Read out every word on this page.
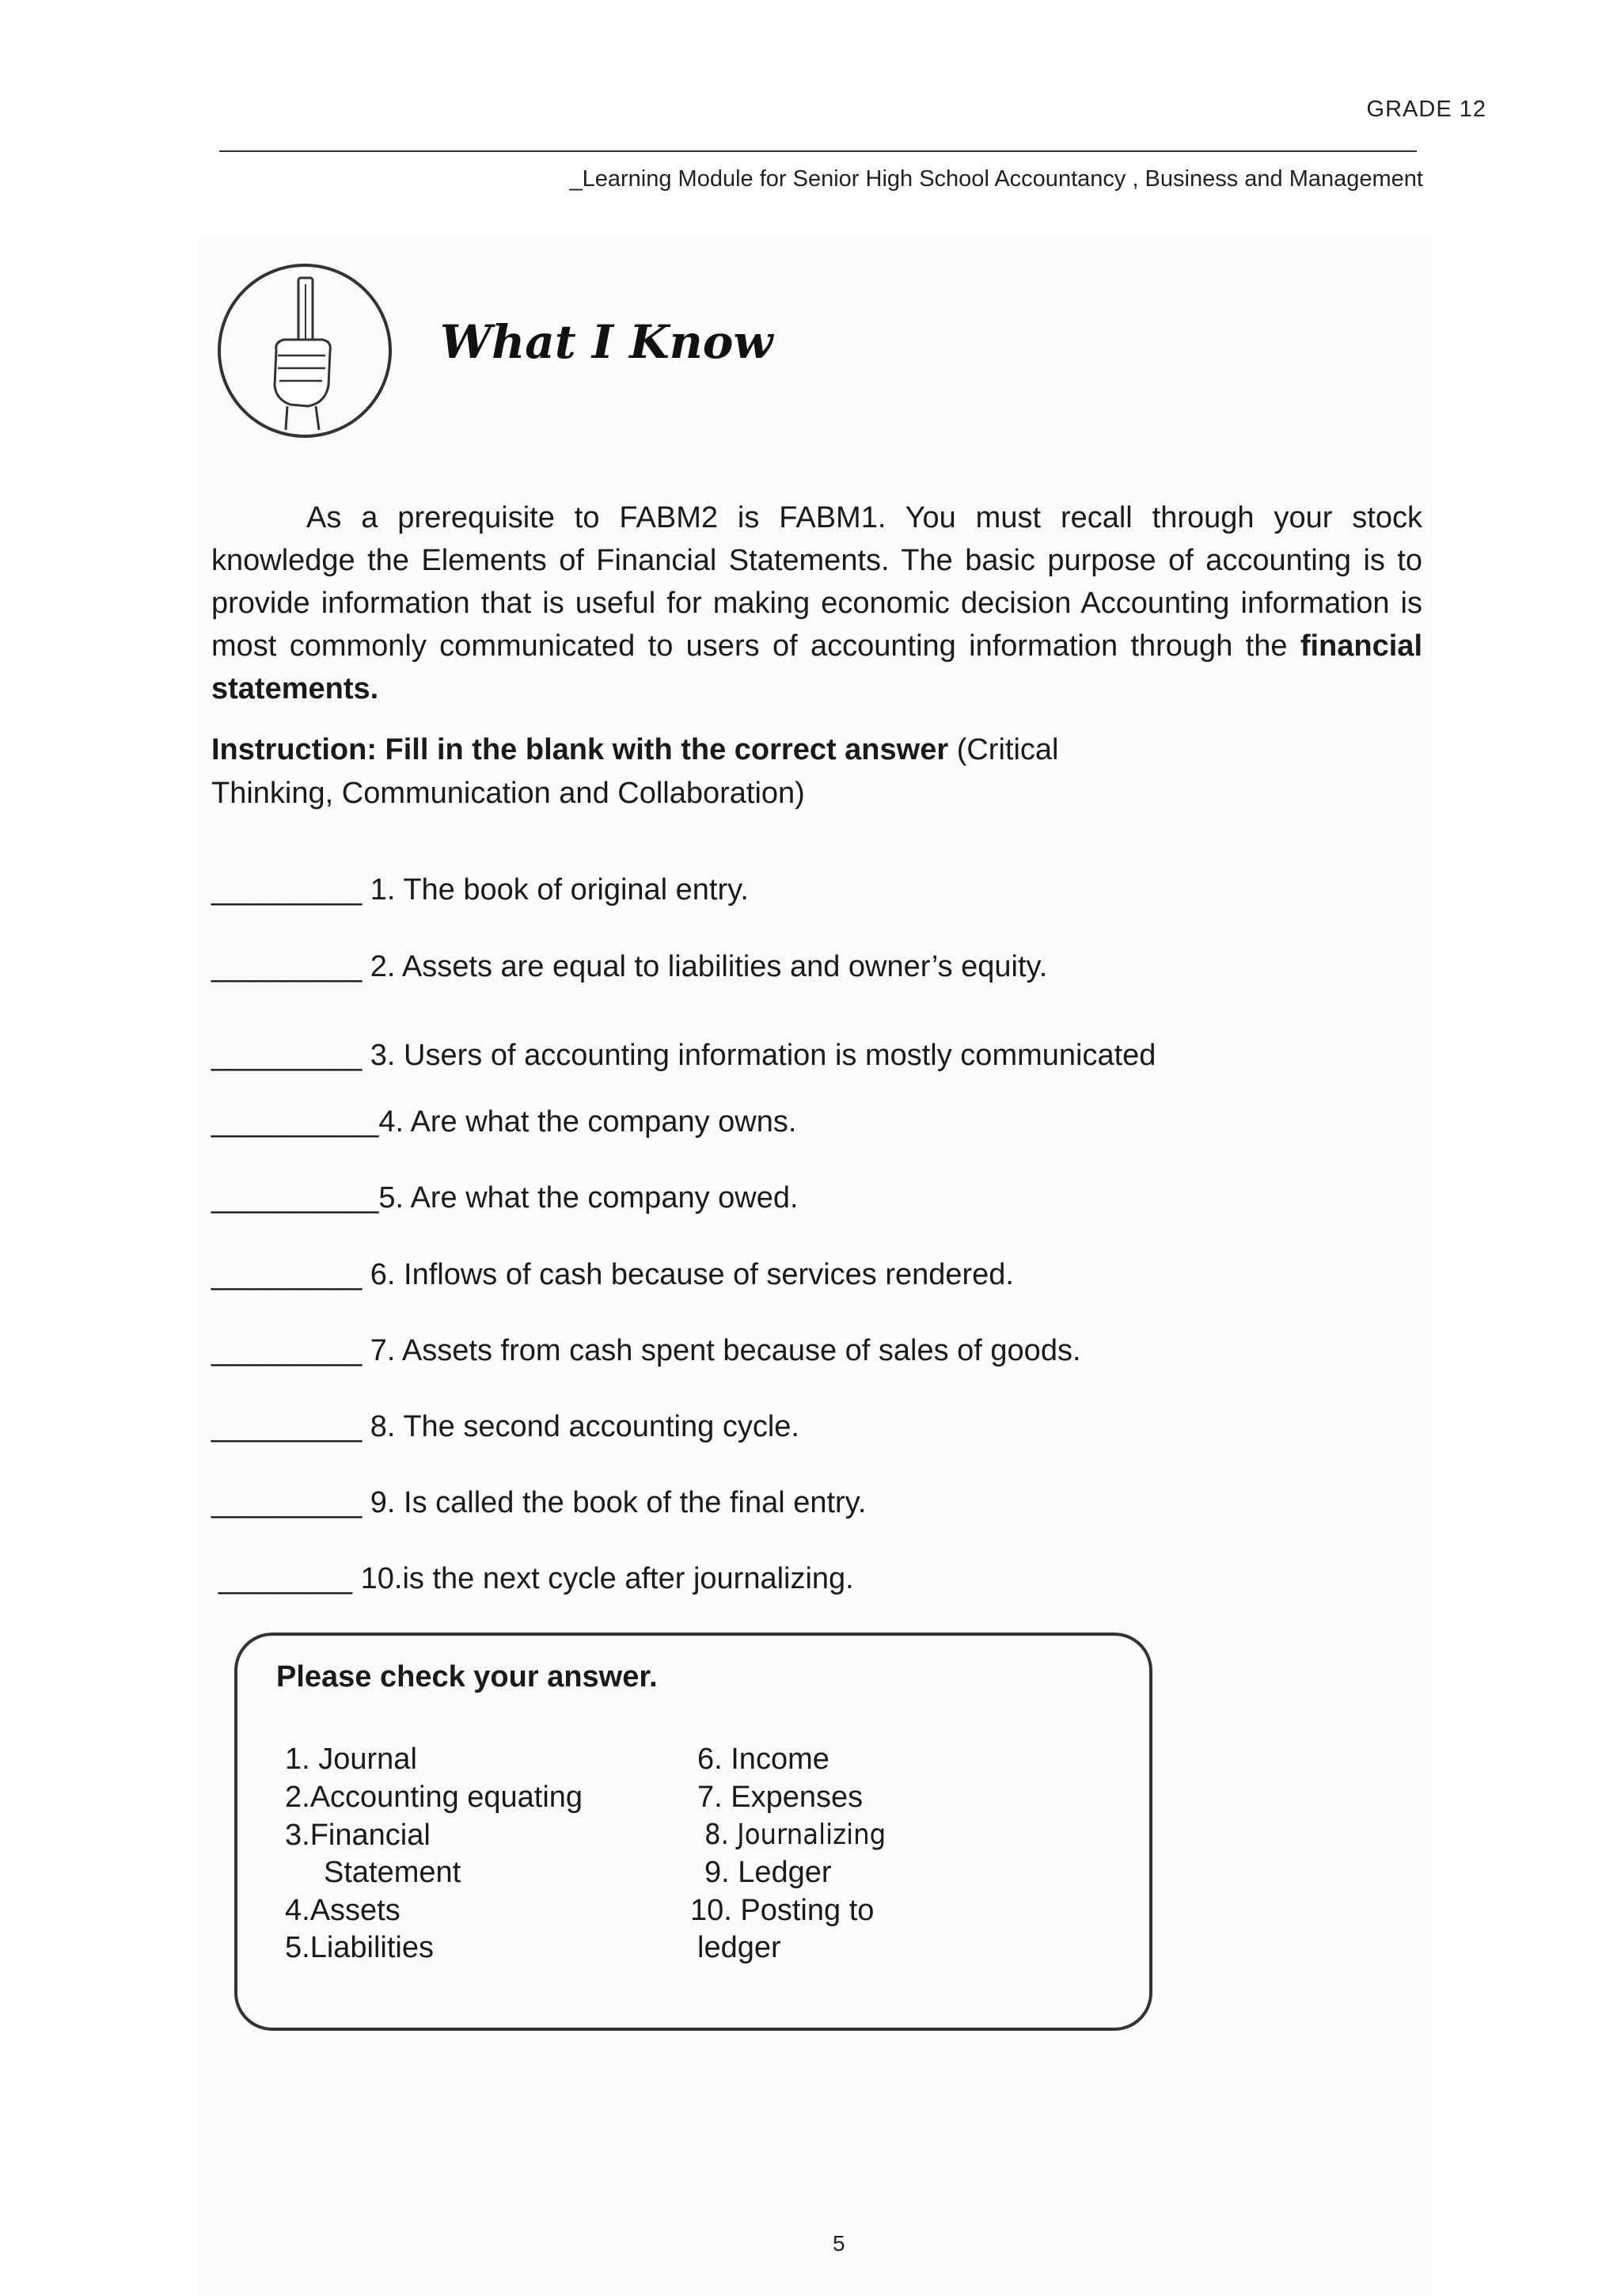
GRADE 12
_Learning Module for Senior High School Accountancy , Business and Management
What I Know

As a prerequisite to FABM2 is FABM1. You must recall through your stock knowledge the Elements of Financial Statements. The basic purpose of accounting is to provide information that is useful for making economic decision Accounting information is most commonly communicated to users of accounting information through the financial statements.

Instruction: Fill in the blank with the correct answer (Critical Thinking, Communication and Collaboration)

_________ 1. The book of original entry.
_________ 2. Assets are equal to liabilities and owner’s equity.
_________ 3. Users of accounting information is mostly communicated
__________4. Are what the company owns.
__________5. Are what the company owed.
_________ 6. Inflows of cash because of services rendered.
_________ 7. Assets from cash spent because of sales of goods.
_________ 8. The second accounting cycle.
_________ 9. Is called the book of the final entry.
________ 10.is the next cycle after journalizing.
Please check your answer.
1. Journal
2.Accounting equating
3.Financial
Statement
4.Assets
5.Liabilities
6. Income
7. Expenses
8. Journalizing
9. Ledger
10. Posting to
ledger
5
